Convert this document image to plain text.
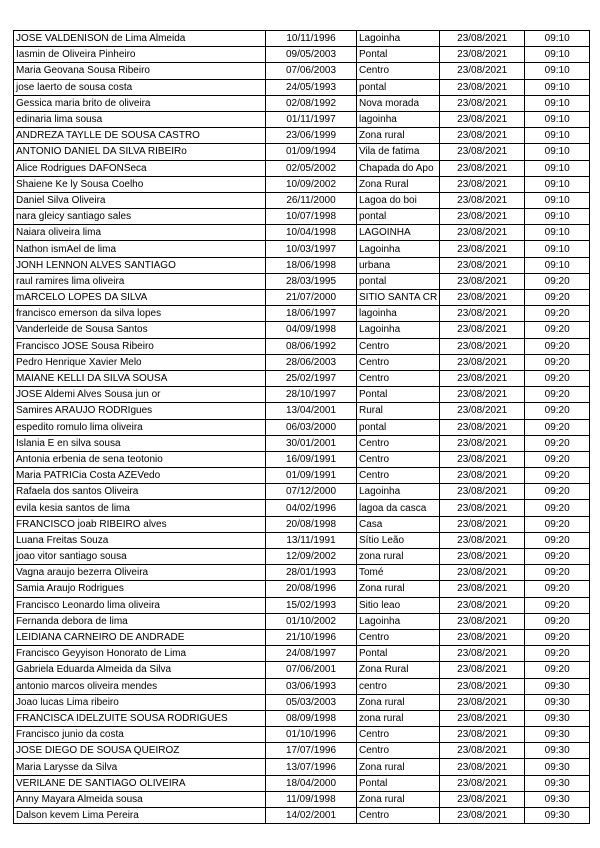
JOSE VALDENISON de Lima Almeida	10/11/1996	Lagoinha	23/08/2021	09:10
Iasmin de Oliveira Pinheiro	09/05/2003	Pontal	23/08/2021	09:10
Maria Geovana Sousa Ribeiro	07/06/2003	Centro	23/08/2021	09:10
jose laerto de sousa costa	24/05/1993	pontal	23/08/2021	09:10
Gessica maria brito de oliveira	02/08/1992	Nova morada	23/08/2021	09:10
edinaria lima sousa	01/11/1997	lagoinha	23/08/2021	09:10
ANDREZA TAYLLE DE SOUSA CASTRO	23/06/1999	Zona rural	23/08/2021	09:10
ANTONIO DANIEL DA SILVA RIBEIRo	01/09/1994	Vila de fatima	23/08/2021	09:10
Alice Rodrigues DAFONSeca	02/05/2002	Chapada do Apo	23/08/2021	09:10
Shaiene Ke ly Sousa Coelho	10/09/2002	Zona Rural	23/08/2021	09:10
Daniel Silva Oliveira	26/11/2000	Lagoa do boi	23/08/2021	09:10
nara gleicy santiago sales	10/07/1998	pontal	23/08/2021	09:10
Naiara oliveira lima	10/04/1998	LAGOINHA	23/08/2021	09:10
Nathon ismAel de lima	10/03/1997	Lagoinha	23/08/2021	09:10
JONH LENNON ALVES SANTIAGO	18/06/1998	urbana	23/08/2021	09:10
raul ramires lima oliveira	28/03/1995	pontal	23/08/2021	09:20
mARCELO LOPES DA SILVA	21/07/2000	SITIO SANTA CR	23/08/2021	09:20
francisco emerson da silva lopes	18/06/1997	lagoinha	23/08/2021	09:20
Vanderleide de Sousa Santos	04/09/1998	Lagoinha	23/08/2021	09:20
Francisco JOSE Sousa Ribeiro	08/06/1992	Centro	23/08/2021	09:20
Pedro Henrique Xavier Melo	28/06/2003	Centro	23/08/2021	09:20
MAIANE KELLI DA SILVA SOUSA	25/02/1997	Centro	23/08/2021	09:20
JOSE Aldemi Alves Sousa jun or	28/10/1997	Pontal	23/08/2021	09:20
Samires ARAUJO RODRIgues	13/04/2001	Rural	23/08/2021	09:20
espedito romulo lima oliveira	06/03/2000	pontal	23/08/2021	09:20
Islania E en silva sousa	30/01/2001	Centro	23/08/2021	09:20
Antonia erbenia de sena teotonio	16/09/1991	Centro	23/08/2021	09:20
Maria PATRICia Costa AZEVedo	01/09/1991	Centro	23/08/2021	09:20
Rafaela dos santos Oliveira	07/12/2000	Lagoinha	23/08/2021	09:20
evila kesia santos de lima	04/02/1996	lagoa da casca	23/08/2021	09:20
FRANCISCO joab RIBEIRO alves	20/08/1998	Casa	23/08/2021	09:20
Luana Freitas Souza	13/11/1991	Sítio Leão	23/08/2021	09:20
joao vitor santiago sousa	12/09/2002	zona rural	23/08/2021	09:20
Vagna araujo bezerra Oliveira	28/01/1993	Tomé	23/08/2021	09:20
Samia Araujo Rodrigues	20/08/1996	Zona rural	23/08/2021	09:20
Francisco Leonardo lima oliveira	15/02/1993	Sitio leao	23/08/2021	09:20
Fernanda debora de lima	01/10/2002	Lagoinha	23/08/2021	09:20
LEIDIANA CARNEIRO DE ANDRADE	21/10/1996	Centro	23/08/2021	09:20
Francisco Geyyison Honorato de Lima	24/08/1997	Pontal	23/08/2021	09:20
Gabriela Eduarda Almeida da Silva	07/06/2001	Zona Rural	23/08/2021	09:20
antonio marcos oliveira mendes	03/06/1993	centro	23/08/2021	09:30
Joao lucas Lima ribeiro	05/03/2003	Zona rural	23/08/2021	09:30
FRANCISCA IDELZUITE SOUSA RODRIGUES	08/09/1998	zona rural	23/08/2021	09:30
Francisco junio da costa	01/10/1996	Centro	23/08/2021	09:30
JOSE DIEGO DE SOUSA QUEIROZ	17/07/1996	Centro	23/08/2021	09:30
Maria Larysse da Silva	13/07/1996	Zona rural	23/08/2021	09:30
VERILANE DE SANTIAGO OLIVEIRA	18/04/2000	Pontal	23/08/2021	09:30
Anny Mayara Almeida sousa	11/09/1998	Zona rural	23/08/2021	09:30
Dalson kevem Lima Pereira	14/02/2001	Centro	23/08/2021	09:30
